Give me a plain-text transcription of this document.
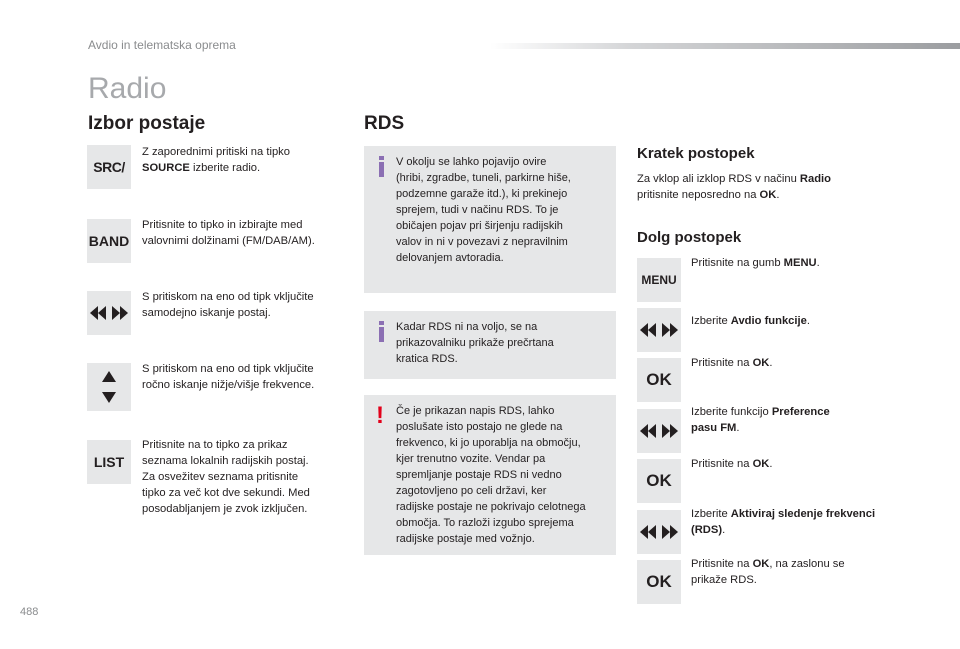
Avdio in telematska oprema
Radio
Izbor postaje
SRC/
Z zaporednimi pritiski na tipko
SOURCE izberite radio.
BAND
Pritisnite to tipko in izbirajte med
valovnimi dolžinami (FM/DAB/AM).
S pritiskom na eno od tipk vključite
samodejno iskanje postaj.
S pritiskom na eno od tipk vključite
ročno iskanje nižje/višje frekvence.
LIST
Pritisnite na to tipko za prikaz
seznama lokalnih radijskih postaj.
Za osvežitev seznama pritisnite
tipko za več kot dve sekundi. Med
posodabljanjem je zvok izključen.
RDS
V okolju se lahko pojavijo ovire
(hribi, zgradbe, tuneli, parkirne hiše,
podzemne garaže itd.), ki prekinejo
sprejem, tudi v načinu RDS. To je
običajen pojav pri širjenju radijskih
valov in ni v povezavi z nepravilnim
delovanjem avtoradia.
Kadar RDS ni na voljo, se na
prikazovalniku prikaže prečrtana
kratica RDS.
! Če je prikazan napis RDS, lahko
poslušate isto postajo ne glede na
frekvenco, ki jo uporablja na območju,
kjer trenutno vozite. Vendar pa
spremljanje postaje RDS ni vedno
zagotovljeno po celi državi, ker
radijske postaje ne pokrivajo celotnega
območja. To razloži izgubo sprejema
radijske postaje med vožnjo.
Kratek postopek
Za vklop ali izklop RDS v načinu Radio
pritisnite neposredno na OK.
Dolg postopek
MENU
Pritisnite na gumb MENU.
Izberite Avdio funkcije.
OK
Pritisnite na OK.
Izberite funkcijo Preference
pasu FM.
OK
Pritisnite na OK.
Izberite Aktiviraj sledenje frekvenci
(RDS).
OK
Pritisnite na OK, na zaslonu se
prikaže RDS.
488
